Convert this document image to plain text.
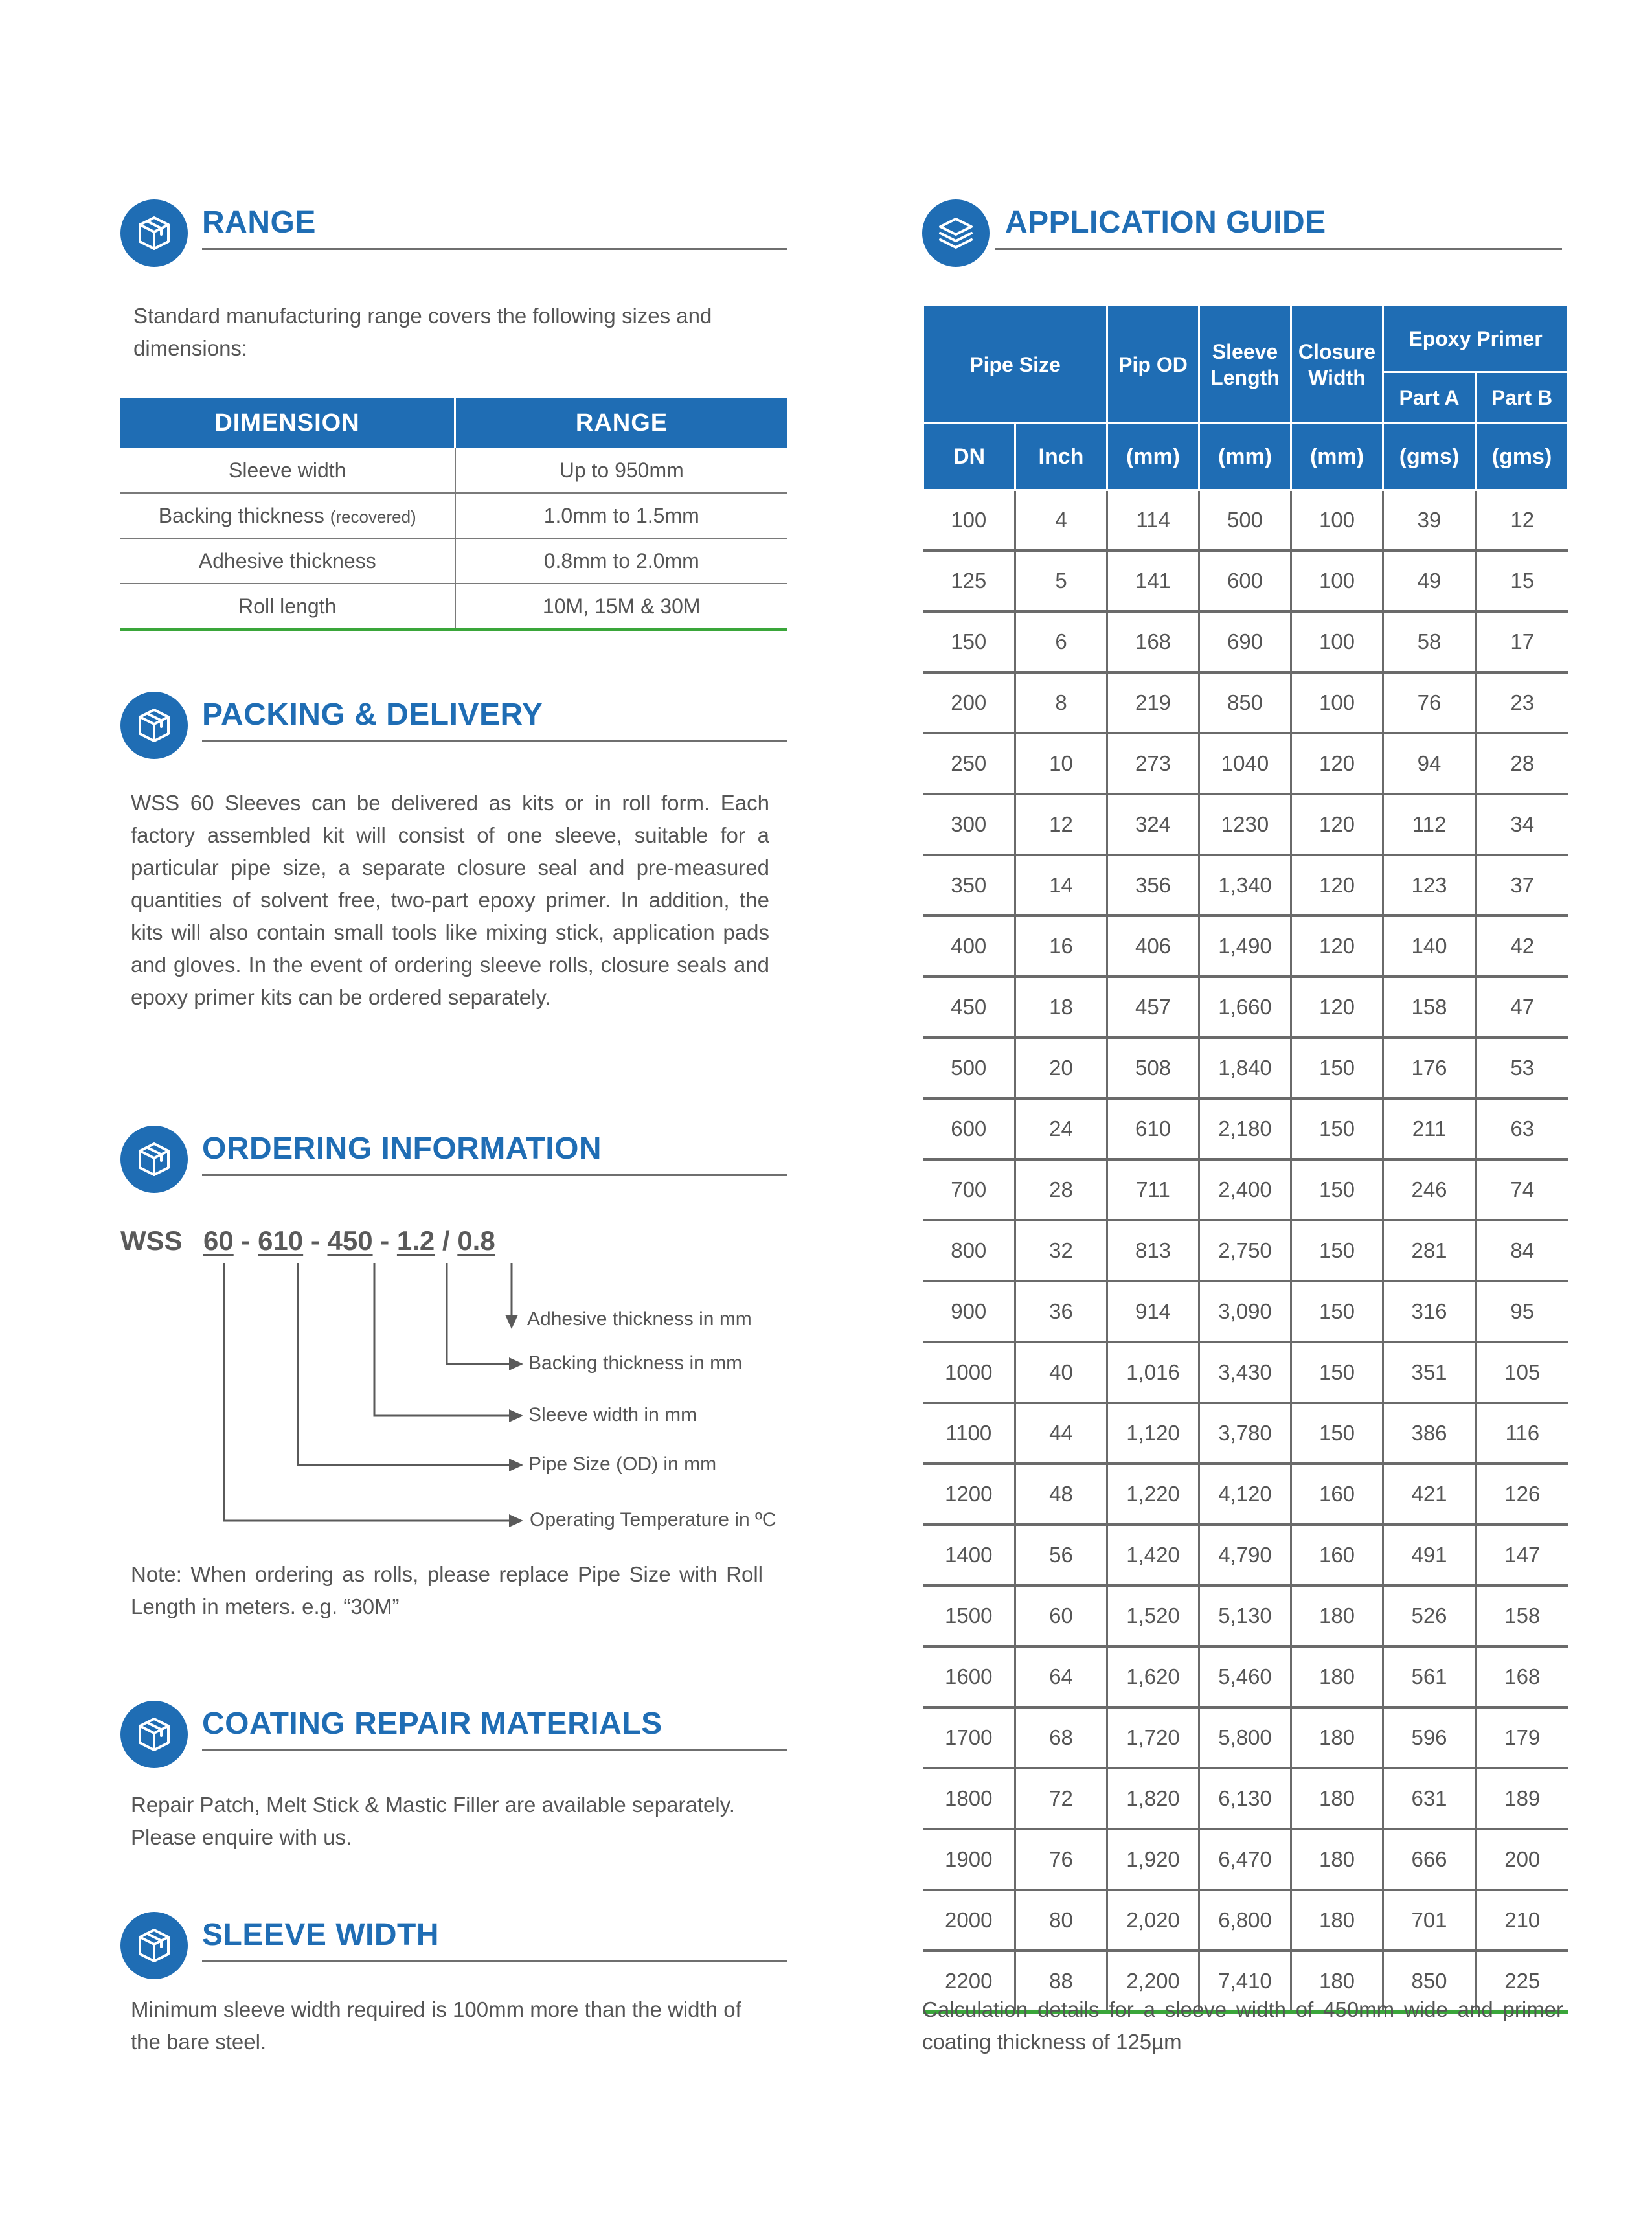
RANGE
Standard manufacturing range covers the following sizes and dimensions:
DIMENSION	RANGE
Sleeve width	Up to 950mm
Backing thickness (recovered)	1.0mm to 1.5mm
Adhesive thickness	0.8mm to 2.0mm
Roll length	10M, 15M & 30M
PACKING & DELIVERY
WSS 60 Sleeves can be delivered as kits or in roll form. Each factory assembled kit will consist of one sleeve, suitable for a particular pipe size, a separate closure seal and pre-measured quantities of solvent free, two-part epoxy primer. In addition, the kits will also contain small tools like mixing stick, application pads and gloves. In the event of ordering sleeve rolls, closure seals and epoxy primer kits can be ordered separately.
ORDERING INFORMATION
WSS 60 - 610 - 450 - 1.2 / 0.8
Adhesive thickness in mm
Backing thickness in mm
Sleeve width in mm
Pipe Size (OD) in mm
Operating Temperature in ºC
Note: When ordering as rolls, please replace Pipe Size with Roll Length in meters. e.g. “30M”
COATING REPAIR MATERIALS
Repair Patch, Melt Stick & Mastic Filler are available separately. Please enquire with us.
SLEEVE WIDTH
Minimum sleeve width required is 100mm more than the width of the bare steel.
APPLICATION GUIDE
Pipe Size		Pip OD	Sleeve Length	Closure Width	Epoxy Primer	
					Part A	Part B
DN	Inch	(mm)	(mm)	(mm)	(gms)	(gms)
100	4	114	500	100	39	12
125	5	141	600	100	49	15
150	6	168	690	100	58	17
200	8	219	850	100	76	23
250	10	273	1040	120	94	28
300	12	324	1230	120	112	34
350	14	356	1,340	120	123	37
400	16	406	1,490	120	140	42
450	18	457	1,660	120	158	47
500	20	508	1,840	150	176	53
600	24	610	2,180	150	211	63
700	28	711	2,400	150	246	74
800	32	813	2,750	150	281	84
900	36	914	3,090	150	316	95
1000	40	1,016	3,430	150	351	105
1100	44	1,120	3,780	150	386	116
1200	48	1,220	4,120	160	421	126
1400	56	1,420	4,790	160	491	147
1500	60	1,520	5,130	180	526	158
1600	64	1,620	5,460	180	561	168
1700	68	1,720	5,800	180	596	179
1800	72	1,820	6,130	180	631	189
1900	76	1,920	6,470	180	666	200
2000	80	2,020	6,800	180	701	210
2200	88	2,200	7,410	180	850	225
Calculation details for a sleeve width of 450mm wide and primer coating thickness of 125µm
